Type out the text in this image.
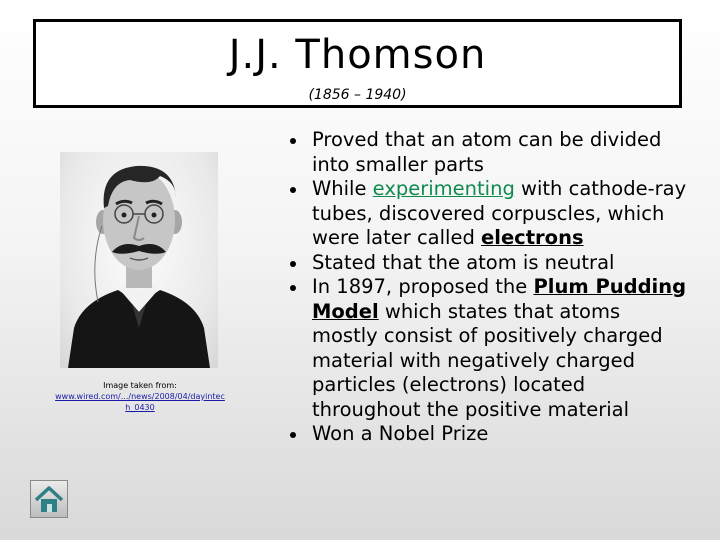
J.J. Thomson
(1856 – 1940)
Image taken from:
www.wired.com/.../news/2008/04/dayintech_0430
Proved that an atom can be divided into smaller parts
While experimenting with cathode-ray tubes, discovered corpuscles, which were later called electrons
Stated that the atom is neutral
In 1897, proposed the Plum Pudding Model which states that atoms mostly consist of positively charged material with negatively charged particles (electrons) located throughout the positive material
Won a Nobel Prize
